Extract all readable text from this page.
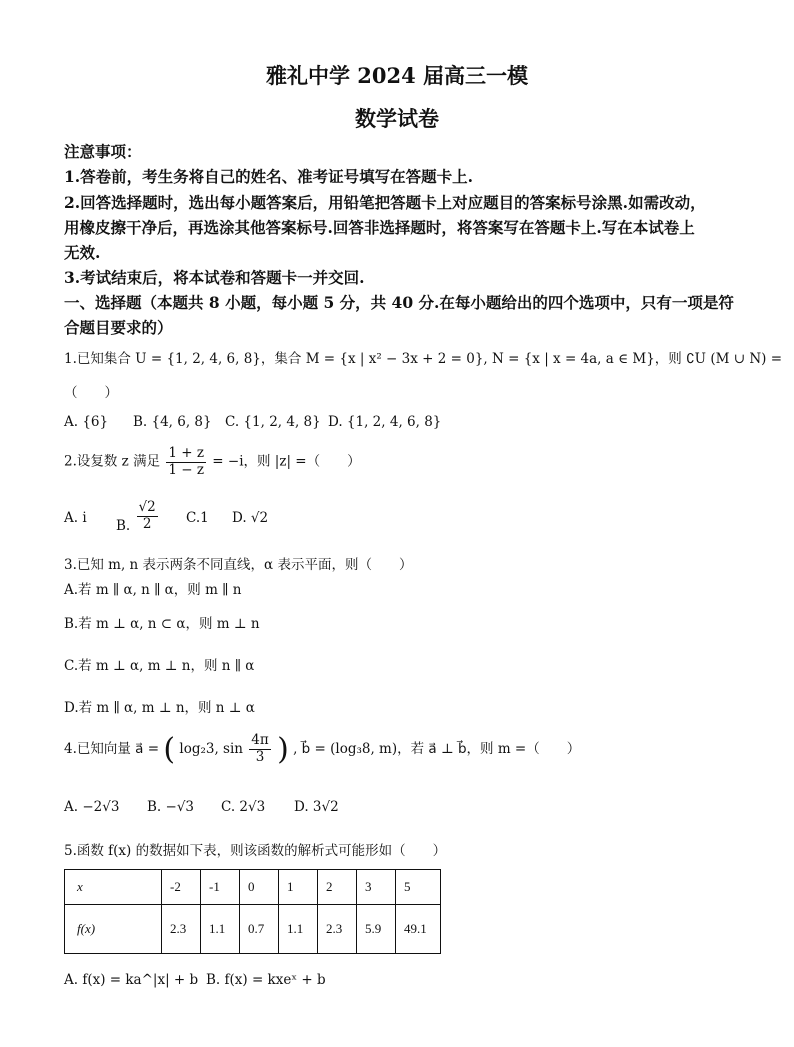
雅礼中学 2024 届高三一模
数学试卷
注意事项：
1.答卷前，考生务将自己的姓名、准考证号填写在答题卡上.
2.回答选择题时，选出每小题答案后，用铅笔把答题卡上对应题目的答案标号涂黑.如需改动，
用橡皮擦干净后，再选涂其他答案标号.回答非选择题时，将答案写在答题卡上.写在本试卷上
无效.
3.考试结束后，将本试卷和答题卡一并交回.
一、选择题（本题共 8 小题，每小题 5 分，共 40 分.在每小题给出的四个选项中，只有一项是符
合题目要求的）
1.已知集合 U = {1, 2, 4, 6, 8}，集合 M = {x | x² − 3x + 2 = 0}, N = {x | x = 4a, a ∈ M}，则 ∁U (M ∪ N) =
（　　）
A. {6} B. {4, 6, 8} C. {1, 2, 4, 8} D. {1, 2, 4, 6, 8}
2.设复数 z 满足 $\frac{1 + z}{1 - z} = -i$，则 |z| =（　　）
A. i B. $\frac{√2}{2} C.1$ D. √2
3.已知 m, n 表示两条不同直线，α 表示平面，则（　　）
A.若 m ∥ α, n ∥ α，则 m ∥ n
B.若 m ⊥ α, n ⊂ α，则 m ⊥ n
C.若 m ⊥ α, m ⊥ n，则 n ∥ α
D.若 m ∥ α, m ⊥ n，则 n ⊥ α
4.已知向量 a⃗ = ( log₂3, $\sin \frac{4\pi}{3}$ ) , b⃗ = (log₃8, m)，若 a⃗ ⊥ b⃗，则 m =（　　）
A. −2√3 B. −√3 C. 2√3 D. 3√2
5.函数 f(x) 的数据如下表，则该函数的解析式可能形如（　　）
x	-2	-1	0	1	2	3	5
f(x)	2.3	1.1	0.7	1.1	2.3	5.9	49.1
A. f(x) = ka^|x| + b B. f(x) = kxeˣ + b
